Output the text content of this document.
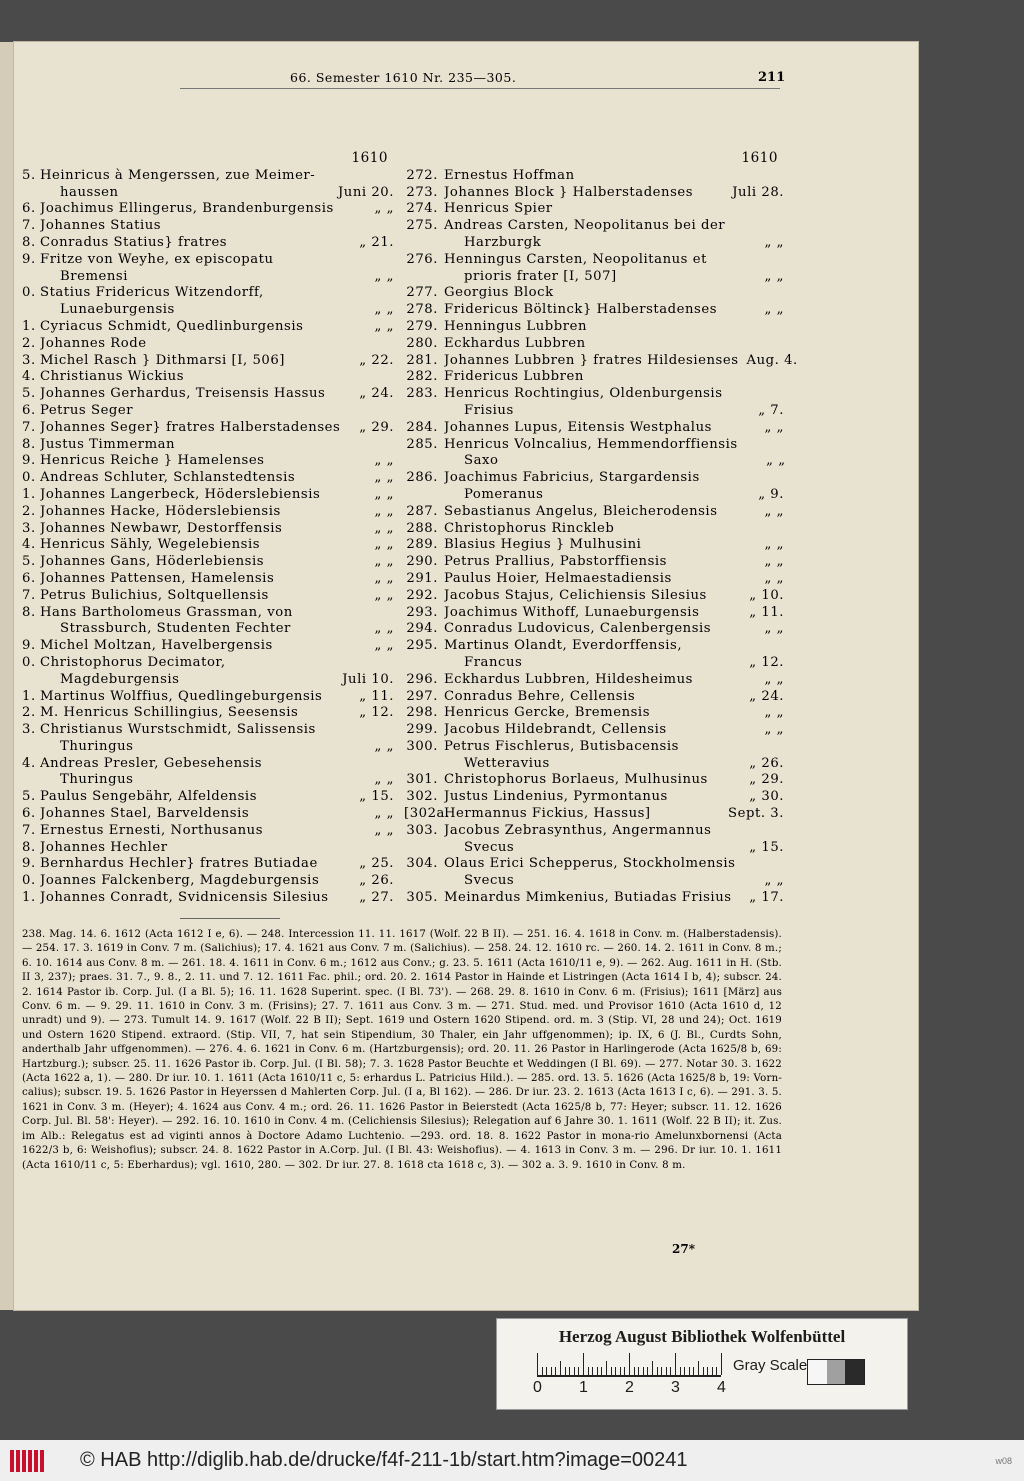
66. Semester 1610 Nr. 235—305.	211
1610
5. Heinricus à Mengerssen, zue Meimer-
haussen	Juni 20.
6. Joachimus Ellingerus, Brandenburgensis	„ „
7. Johannes Statius
8. Conradus Statius} fratres	„ 21.
9. Fritze von Weyhe, ex episcopatu
Bremensi	„ „
0. Statius Fridericus Witzendorff,
Lunaeburgensis	„ „
1. Cyriacus Schmidt, Quedlinburgensis	„ „
2. Johannes Rode
3. Michel Rasch } Dithmarsi [I, 506]	„ 22.
4. Christianus Wickius
5. Johannes Gerhardus, Treisensis Hassus	„ 24.
6. Petrus Seger
7. Johannes Seger} fratres Halberstadenses	„ 29.
8. Justus Timmerman
9. Henricus Reiche } Hamelenses	„ „
0. Andreas Schluter, Schlanstedtensis	„ „
1. Johannes Langerbeck, Höderslebiensis	„ „
2. Johannes Hacke, Höderslebiensis	„ „
3. Johannes Newbawr, Destorffensis	„ „
4. Henricus Sähly, Wegelebiensis	„ „
5. Johannes Gans, Höderlebiensis	„ „
6. Johannes Pattensen, Hamelensis	„ „
7. Petrus Bulichius, Soltquellensis	„ „
8. Hans Bartholomeus Grassman, von
Strassburch, Studenten Fechter	„ „
9. Michel Moltzan, Havelbergensis	„ „
0. Christophorus Decimator,
Magdeburgensis	Juli 10.
1. Martinus Wolffius, Quedlingeburgensis	„ 11.
2. M. Henricus Schillingius, Seesensis	„ 12.
3. Christianus Wurstschmidt, Salissensis
Thuringus	„ „
4. Andreas Presler, Gebesehensis
Thuringus	„ „
5. Paulus Sengebähr, Alfeldensis	„ 15.
6. Johannes Stael, Barveldensis	„ „
7. Ernestus Ernesti, Northusanus	„ „
8. Johannes Hechler
9. Bernhardus Hechler} fratres Butiadae	„ 25.
0. Joannes Falckenberg, Magdeburgensis	„ 26.
1. Johannes Conradt, Svidnicensis Silesius	„ 27.
1610
272. Ernestus Hoffman
273. Johannes Block } Halberstadenses	Juli 28.
274. Henricus Spier
275. Andreas Carsten, Neopolitanus bei der
Harzburgk	„ „
276. Henningus Carsten, Neopolitanus et
prioris frater [I, 507]	„ „
277. Georgius Block
278. Fridericus Böltinck} Halberstadenses	„ „
279. Henningus Lubbren
280. Eckhardus Lubbren
281. Johannes Lubbren } fratres Hildesienses Aug. 4.
282. Fridericus Lubbren
283. Henricus Rochtingius, Oldenburgensis
Frisius	„ 7.
284. Johannes Lupus, Eitensis Westphalus	„ „
285. Henricus Volncalius, Hemmendorffiensis
Saxo	„ „
286. Joachimus Fabricius, Stargardensis
Pomeranus	„ 9.
287. Sebastianus Angelus, Bleicherodensis	„ „
288. Christophorus Rinckleb
289. Blasius Hegius } Mulhusini	„ „
290. Petrus Prallius, Pabstorffiensis	„ „
291. Paulus Hoier, Helmaestadiensis	„ „
292. Jacobus Stajus, Celichiensis Silesius	„ 10.
293. Joachimus Withoff, Lunaeburgensis	„ 11.
294. Conradus Ludovicus, Calenbergensis	„ „
295. Martinus Olandt, Everdorffensis,
Francus	„ 12.
296. Eckhardus Lubbren, Hildesheimus	„ „
297. Conradus Behre, Cellensis	„ 24.
298. Henricus Gercke, Bremensis	„ „
299. Jacobus Hildebrandt, Cellensis	„ „
300. Petrus Fischlerus, Butisbacensis
Wetteravius	„ 26.
301. Christophorus Borlaeus, Mulhusinus	„ 29.
302. Justus Lindenius, Pyrmontanus	„ 30.
[302a.
Hermannus Fickius, Hassus]	Sept. 3.
303. Jacobus Zebrasynthus, Angermannus
Svecus	„ 15.
304. Olaus Erici Schepperus, Stockholmensis
Svecus	„ „
305. Meinardus Mimkenius, Butiadas Frisius	„ 17.
238. Mag. 14. 6. 1612 (Acta 1612 I e, 6). — 248. Intercession 11. 11. 1617 (Wolf. 22 B II). — 251. 16. 4. 1618 in Conv. m. (Halberstadensis). — 254. 17. 3. 1619 in Conv. 7 m. (Salichius); 17. 4. 1621 aus Conv. 7 m. (Salichius). — 258. 24. 12. 1610 rc. — 260. 14. 2. 1611 in Conv. 8 m.; 6. 10. 1614 aus Conv. 8 m. — 261. 18. 4. 1611 in Conv. 6 m.; 1612 aus Conv.; g. 23. 5. 1611 (Acta 1610/11 e, 9). — 262. Aug. 1611 in H. (Stb. II 3, 237); praes. 31. 7., 9. 8., 2. 11. und 7. 12. 1611 Fac. phil.; ord. 20. 2. 1614 Pastor in Hainde et Listringen (Acta 1614 I b, 4); subscr. 24. 2. 1614 Pastor ib. Corp. Jul. (I a Bl. 5); 16. 11. 1628 Superint. spec. (I Bl. 73'). — 268. 29. 8. 1610 in Conv. 6 m. (Frisius); 1611 [März] aus Conv. 6 m. — 9. 29. 11. 1610 in Conv. 3 m. (Frisins); 27. 7. 1611 aus Conv. 3 m. — 271. Stud. med. und Provisor 1610 (Acta 1610 d, 12 unradt) und 9). — 273. Tumult 14. 9. 1617 (Wolf. 22 B II); Sept. 1619 und Ostern 1620 Stipend. ord. m. 3 (Stip. VI, 28 und 24); Oct. 1619 und Ostern 1620 Stipend. extraord. (Stip. VII, 7, hat sein Stipendium, 30 Thaler, ein Jahr uffgenommen); ip. IX, 6 (J. Bl., Curdts Sohn, anderthalb Jahr uffgenommen). — 276. 4. 6. 1621 in Conv. 6 m. (Hartzburgensis); ord. 20. 11. 26 Pastor in Harlingerode (Acta 1625/8 b, 69: Hartzburg.); subscr. 25. 11. 1626 Pastor ib. Corp. Jul. (I Bl. 58); 7. 3. 1628 Pastor Beuchte et Weddingen (I Bl. 69). — 277. Notar 30. 3. 1622 (Acta 1622 a, 1). — 280. Dr iur. 10. 1. 1611 (Acta 1610/11 c, 5: erhardus L. Patricius Hild.). — 285. ord. 13. 5. 1626 (Acta 1625/8 b, 19: Vorn-calius); subscr. 19. 5. 1626 Pastor in Heyerssen d Mahlerten Corp. Jul. (I a, Bl 162). — 286. Dr iur. 23. 2. 1613 (Acta 1613 I c, 6). — 291. 3. 5. 1621 in Conv. 3 m. (Heyer); 4. 1624 aus Conv. 4 m.; ord. 26. 11. 1626 Pastor in Beierstedt (Acta 1625/8 b, 77: Heyer; subscr. 11. 12. 1626 Corp. Jul. Bl. 58': Heyer). — 292. 16. 10. 1610 in Conv. 4 m. (Celichiensis Silesius); Relegation auf 6 Jahre 30. 1. 1611 (Wolf. 22 B II); it. Zus. im Alb.: Relegatus est ad viginti annos à Doctore Adamo Luchtenio. —293. ord. 18. 8. 1622 Pastor in mona-rio Amelunxbornensi (Acta 1622/3 b, 6: Weishofius); subscr. 24. 8. 1622 Pastor in A.Corp. Jul. (I Bl. 43: Weishofius). — 4. 1613 in Conv. 3 m. — 296. Dr iur. 10. 1. 1611 (Acta 1610/11 c, 5: Eberhardus); vgl. 1610, 280. — 302. Dr iur. 27. 8. 1618 cta 1618 c, 3). — 302 a. 3. 9. 1610 in Conv. 8 m.
27*
Herzog August Bibliothek Wolfenbüttel
0 1 2 3 4
Gray Scale
© HAB http://diglib.hab.de/drucke/f4f-211-1b/start.htm?image=00241	w08
